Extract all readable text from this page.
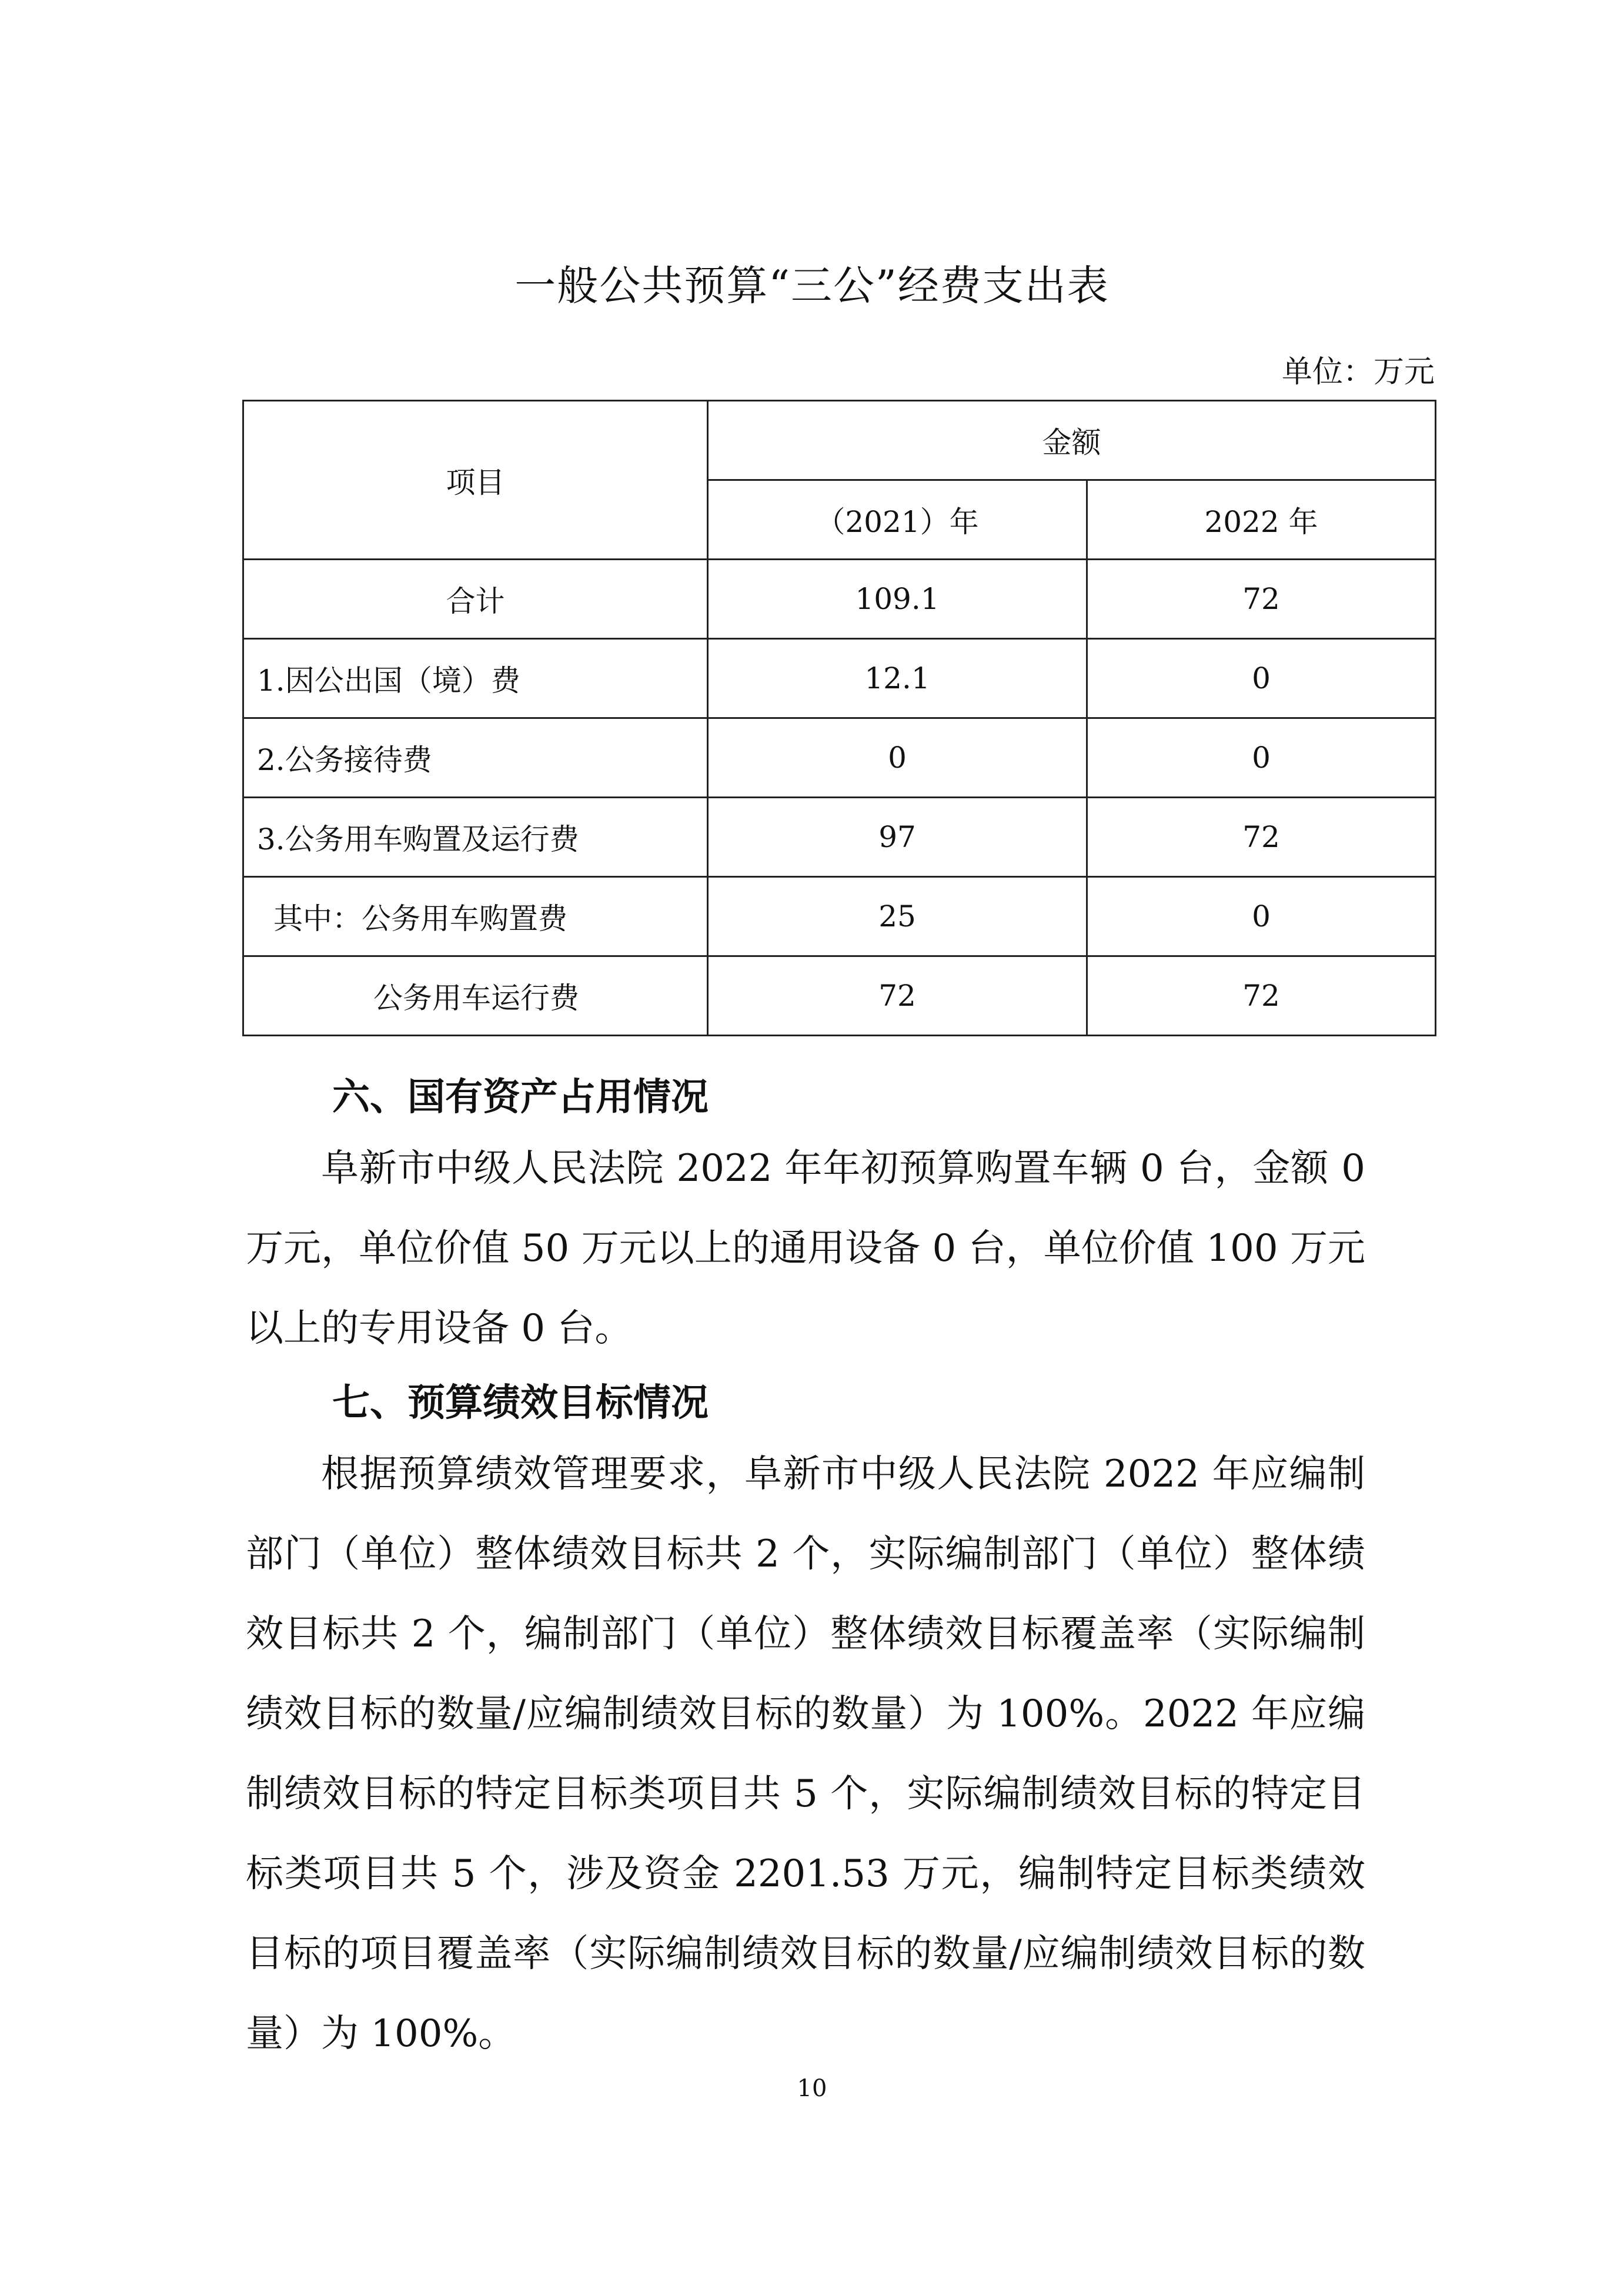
一般公共预算“三公”经费支出表
单位：万元
项目	金额	
	（2021）年	2022 年
合计	109.1	72
1.因公出国（境）费	12.1	0
2.公务接待费	0	0
3.公务用车购置及运行费	97	72
其中：公务用车购置费	25	0
公务用车运行费	72	72
六、国有资产占用情况
阜新市中级人民法院 2022 年年初预算购置车辆 0 台，金额 0 万元，单位价值 50 万元以上的通用设备 0 台，单位价值 100 万元以上的专用设备 0 台。
七、预算绩效目标情况
根据预算绩效管理要求，阜新市中级人民法院 2022 年应编制部门（单位）整体绩效目标共 2 个，实际编制部门（单位）整体绩效目标共 2 个，编制部门（单位）整体绩效目标覆盖率（实际编制绩效目标的数量/应编制绩效目标的数量）为 100%。2022 年应编制绩效目标的特定目标类项目共 5 个，实际编制绩效目标的特定目标类项目共 5 个，涉及资金 2201.53 万元，编制特定目标类绩效目标的项目覆盖率（实际编制绩效目标的数量/应编制绩效目标的数量）为 100%。
10
